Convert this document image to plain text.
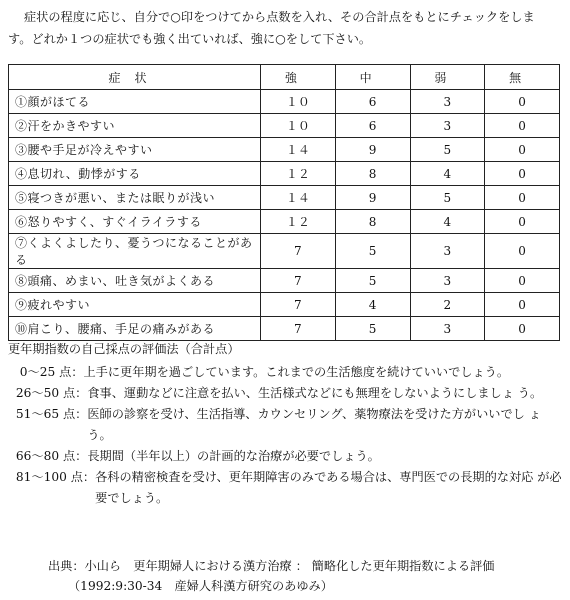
症状の程度に応じ、自分で○印をつけてから点数を入れ、その合計点をもとにチェックをしま
す。どれか１つの症状でも強く出ていれば、強に○をして下さい。
症状	強	中	弱	無
①顔がほてる	１０	6	3	0
②汗をかきやすい	１０	6	3	0
③腰や手足が冷えやすい	１４	9	5	0
④息切れ、動悸がする	１２	8	4	0
⑤寝つきが悪い、または眠りが浅い	１４	9	5	0
⑥怒りやすく、すぐイライラする	１２	8	4	0
⑦くよくよしたり、憂うつになることがある	7	5	3	0
⑧頭痛、めまい、吐き気がよくある	7	5	3	0
⑨疲れやすい	7	4	2	0
⑩肩こり、腰痛、手足の痛みがある	7	5	3	0
更年期指数の自己採点の評価法（合計点）
0～25 点： 上手に更年期を過ごしています。これまでの生活態度を続けていいでしょう。
26～50 点： 食事、運動などに注意を払い、生活様式などにも無理をしないようにしましょ う。
51～65 点： 医師の診察を受け、生活指導、カウンセリング、薬物療法を受けた方がいいでし ょう。
66～80 点： 長期間（半年以上）の計画的な治療が必要でしょう。
81～100 点： 各科の精密検査を受け、更年期障害のみである場合は、専門医での長期的な対応 が必要でしょう。
出典：小山ら　更年期婦人における漢方治療 ： 簡略化した更年期指数による評価
（1992:9:30-34　産婦人科漢方研究のあゆみ）
